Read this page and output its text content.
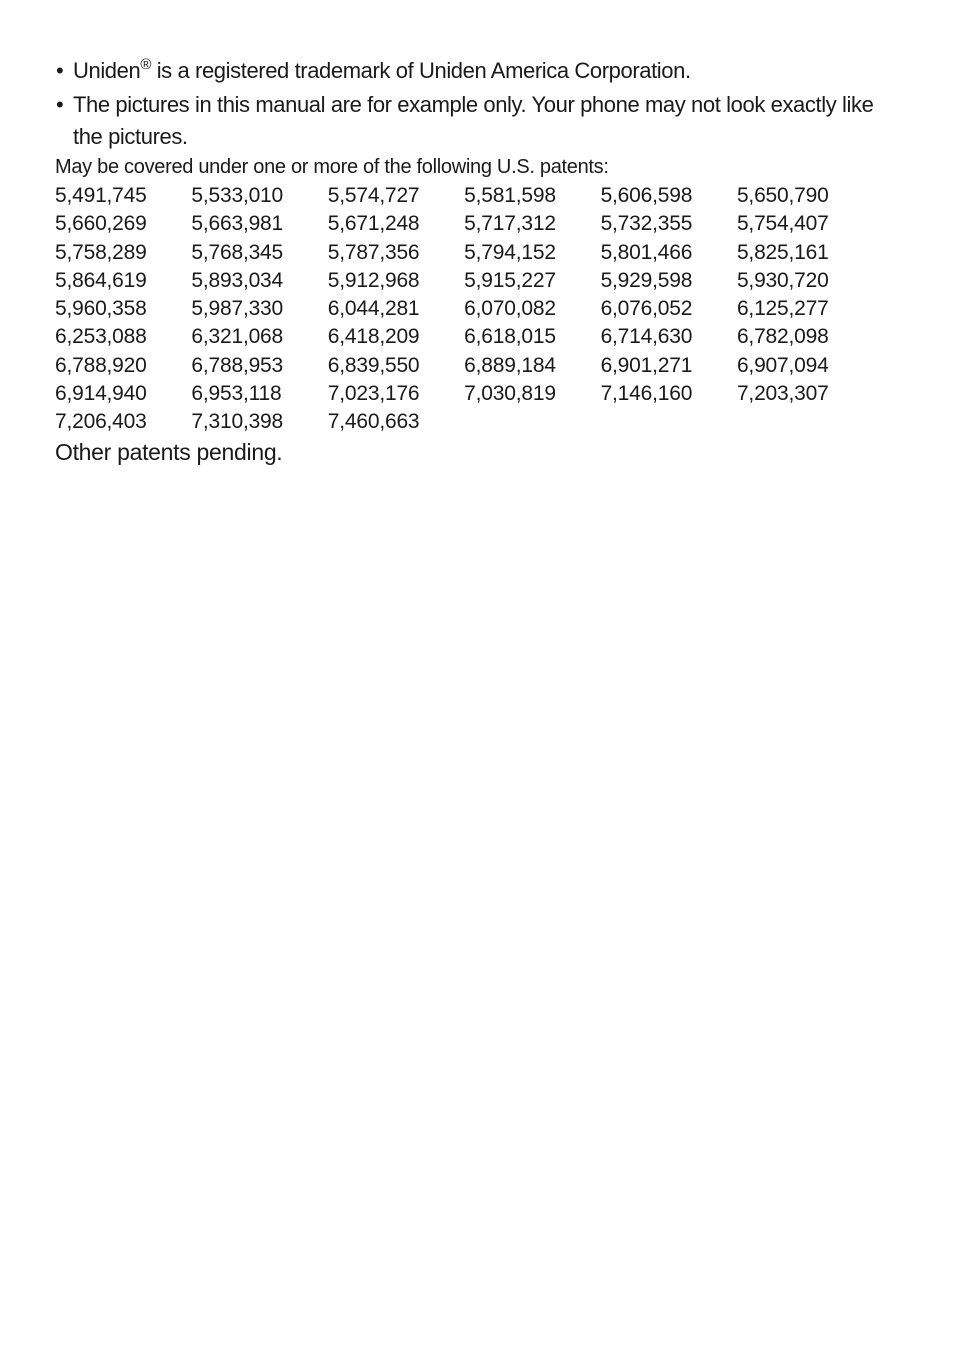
• Uniden® is a registered trademark of Uniden America Corporation.
• The pictures in this manual are for example only. Your phone may not look exactly like the pictures.
May be covered under one or more of the following U.S. patents:
5,491,745	5,533,010	5,574,727	5,581,598	5,606,598	5,650,790
5,660,269	5,663,981	5,671,248	5,717,312	5,732,355	5,754,407
5,758,289	5,768,345	5,787,356	5,794,152	5,801,466	5,825,161
5,864,619	5,893,034	5,912,968	5,915,227	5,929,598	5,930,720
5,960,358	5,987,330	6,044,281	6,070,082	6,076,052	6,125,277
6,253,088	6,321,068	6,418,209	6,618,015	6,714,630	6,782,098
6,788,920	6,788,953	6,839,550	6,889,184	6,901,271	6,907,094
6,914,940	6,953,118	7,023,176	7,030,819	7,146,160	7,203,307
7,206,403	7,310,398	7,460,663
Other patents pending.
